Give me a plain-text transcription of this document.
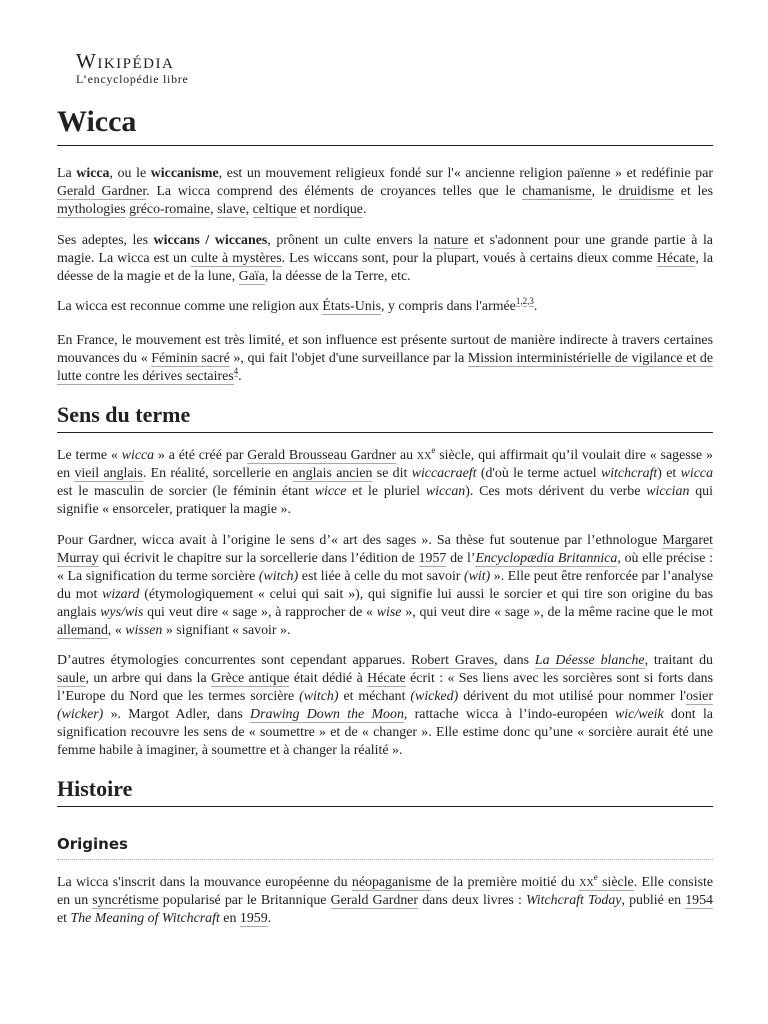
Wikipédia
L’encyclopédie libre
Wicca

La wicca, ou le wiccanisme, est un mouvement religieux fondé sur l'« ancienne religion païenne » et redéfinie par Gerald Gardner. La wicca comprend des éléments de croyances telles que le chamanisme, le druidisme et les mythologies gréco-romaine, slave, celtique et nordique.

Ses adeptes, les wiccans / wiccanes, prônent un culte envers la nature et s'adonnent pour une grande partie à la magie. La wicca est un culte à mystères. Les wiccans sont, pour la plupart, voués à certains dieux comme Hécate, la déesse de la magie et de la lune, Gaïa, la déesse de la Terre, etc.

La wicca est reconnue comme une religion aux États-Unis, y compris dans l'armée$^{1,2,3}$.

En France, le mouvement est très limité, et son influence est présente surtout de manière indirecte à travers certaines mouvances du « Féminin sacré », qui fait l'objet d'une surveillance par la Mission interministérielle de vigilance et de lutte contre les dérives sectaires$^4$.

Sens du terme

Le terme « wicca » a été créé par Gerald Brousseau Gardner au $xx^e$ siècle, qui affirmait qu’il voulait dire « sagesse » en vieil anglais. En réalité, sorcellerie en anglais ancien se dit wiccacraeft (d'où le terme actuel witchcraft) et wicca est le masculin de sorcier (le féminin étant wicce et le pluriel wiccan). Ces mots dérivent du verbe wiccian qui signifie « ensorceler, pratiquer la magie ».

Pour Gardner, wicca avait à l’origine le sens d’« art des sages ». Sa thèse fut soutenue par l’ethnologue Margaret Murray qui écrivit le chapitre sur la sorcellerie dans l’édition de 1957 de l’Encyclopædia Britannica, où elle précise : « La signification du terme sorcière (witch) est liée à celle du mot savoir (wit) ». Elle peut être renforcée par l’analyse du mot wizard (étymologiquement « celui qui sait »), qui signifie lui aussi le sorcier et qui tire son origine du bas anglais wys/wis qui veut dire « sage », à rapprocher de « wise », qui veut dire « sage », de la même racine que le mot allemand, « wissen » signifiant « savoir ».

D’autres étymologies concurrentes sont cependant apparues. Robert Graves, dans La Déesse blanche, traitant du saule, un arbre qui dans la Grèce antique était dédié à Hécate écrit : « Ses liens avec les sorcières sont si forts dans l’Europe du Nord que les termes sorcière (witch) et méchant (wicked) dérivent du mot utilisé pour nommer l'osier (wicker) ». Margot Adler, dans Drawing Down the Moon, rattache wicca à l’indo-européen wic/weik dont la signification recouvre les sens de « soumettre » et de « changer ». Elle estime donc qu’une « sorcière aurait été une femme habile à imaginer, à soumettre et à changer la réalité ».

Histoire
Origines

La wicca s'inscrit dans la mouvance européenne du néopaganisme de la première moitié du $xx^e$ siècle. Elle consiste en un syncrétisme popularisé par le Britannique Gerald Gardner dans deux livres : Witchcraft Today, publié en 1954 et The Meaning of Witchcraft en 1959.
